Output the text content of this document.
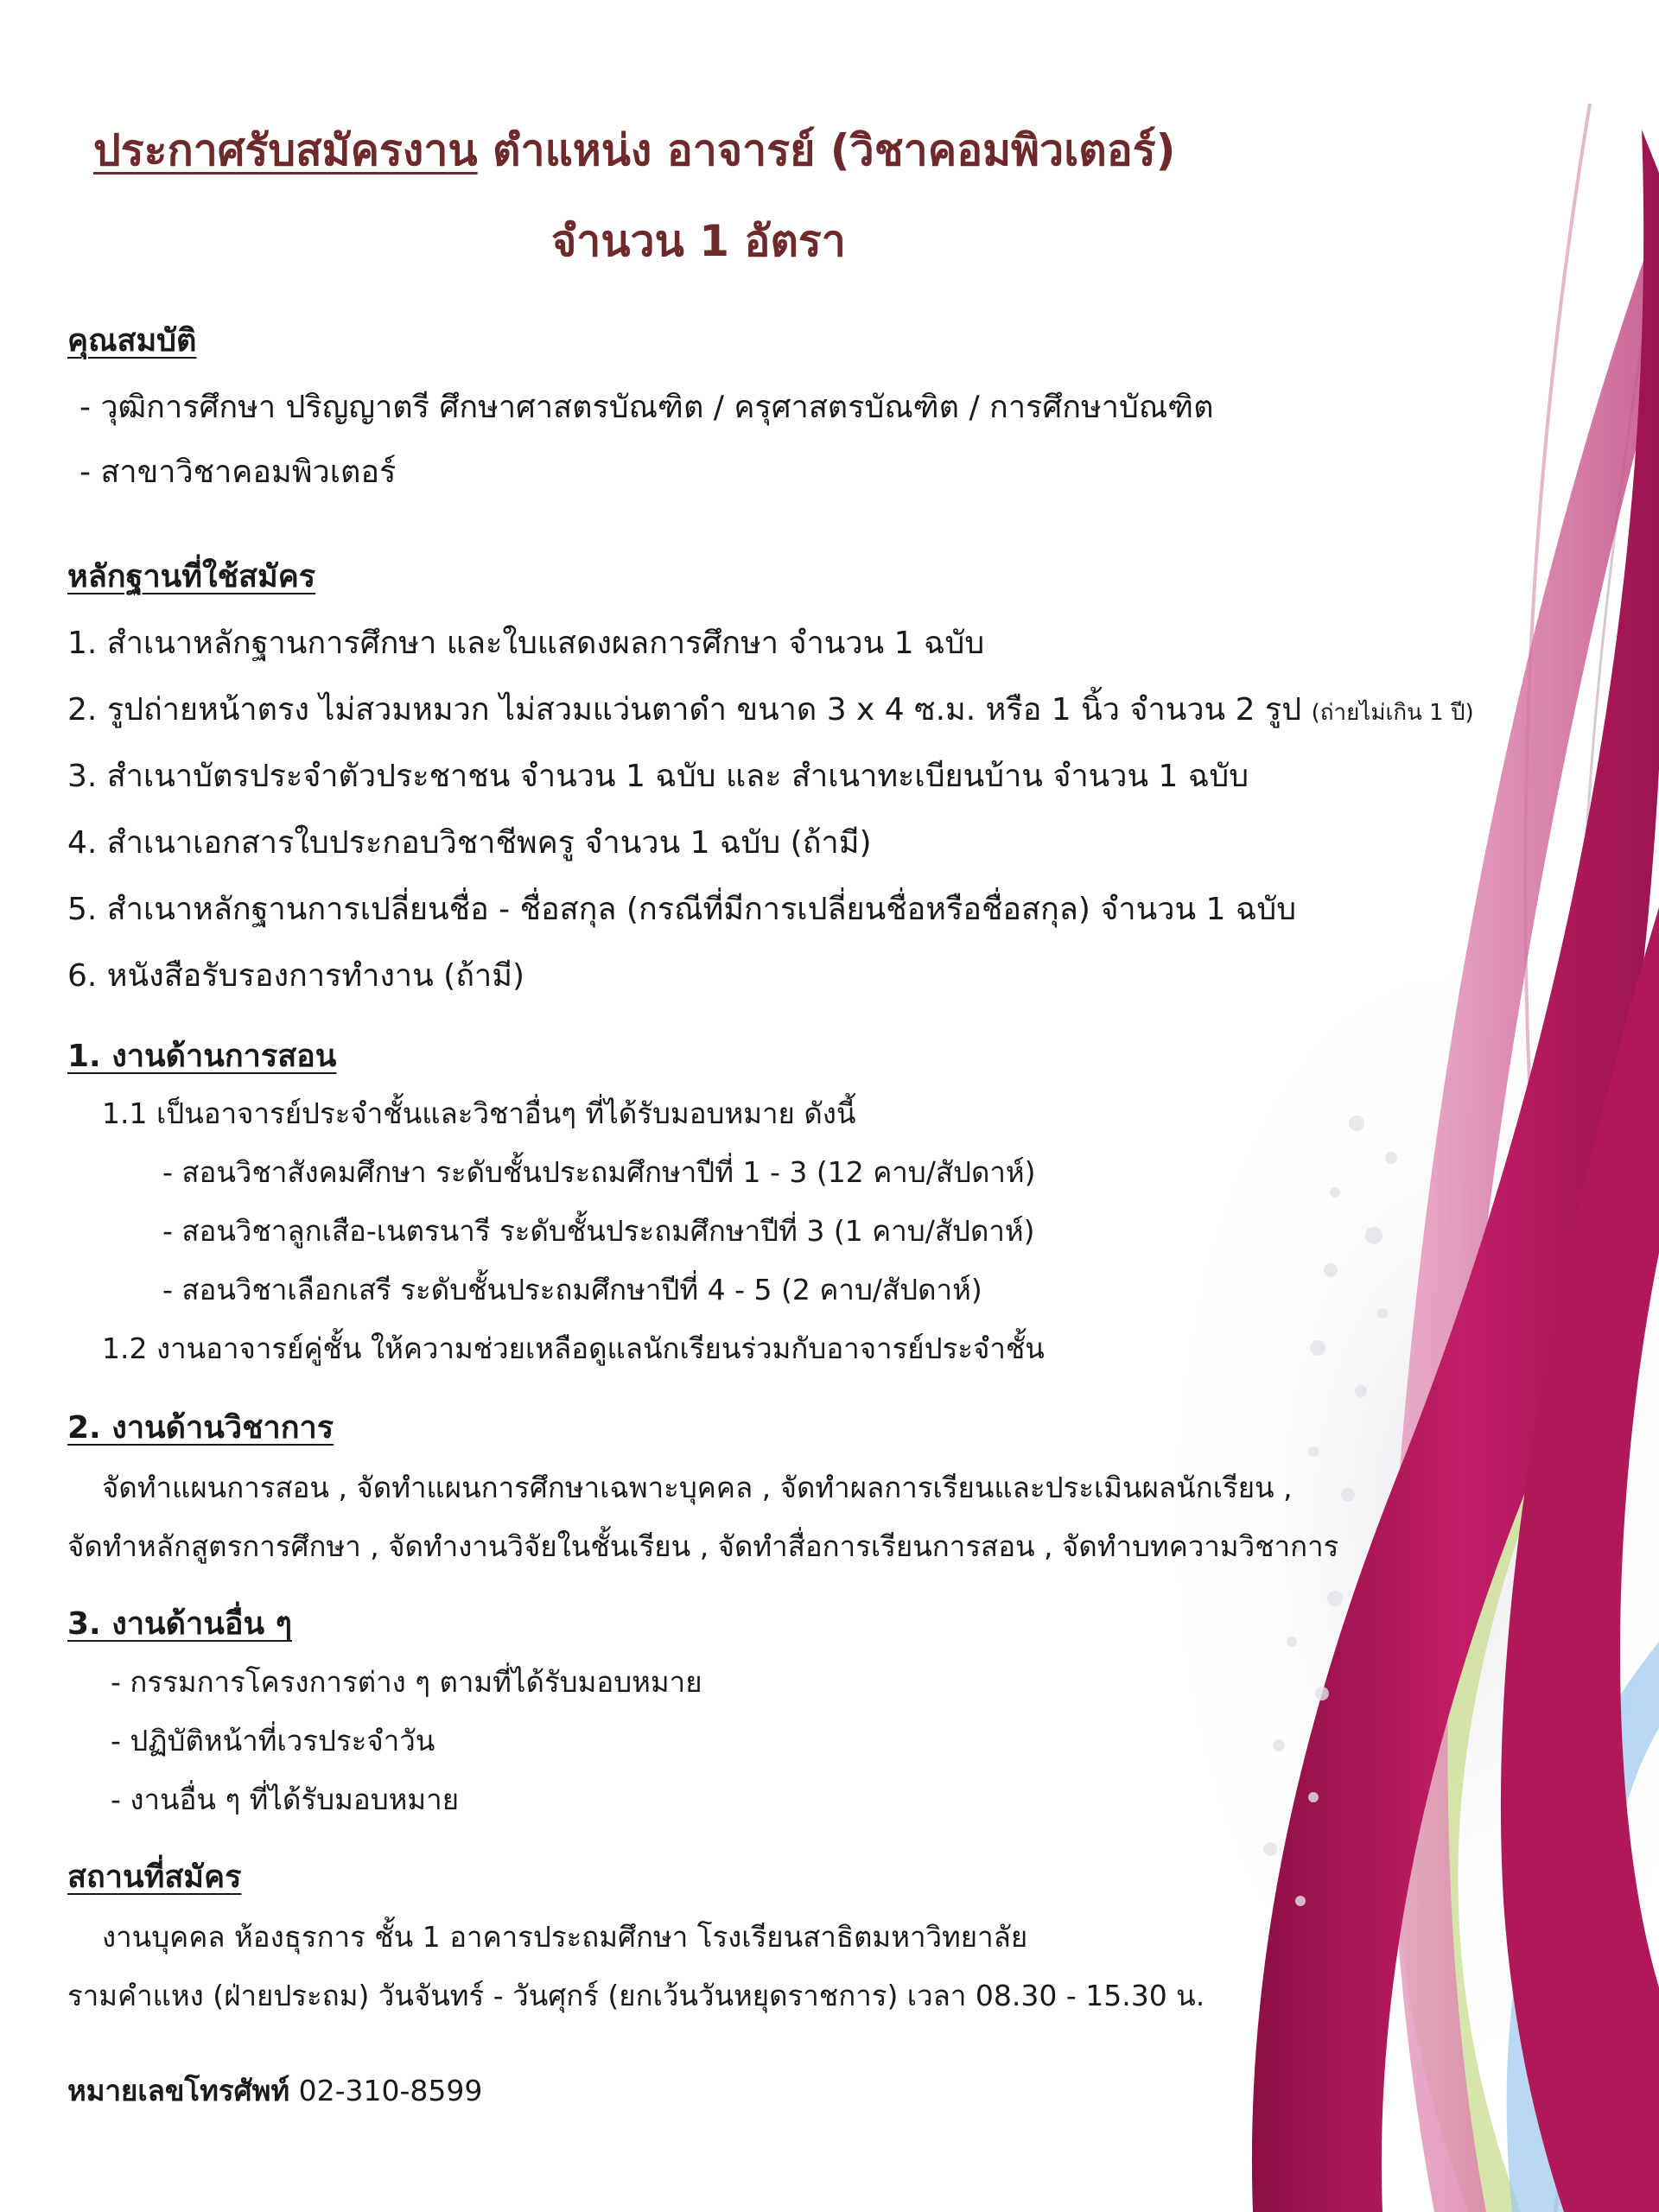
ประกาศรับสมัครงาน ตำแหน่ง อาจารย์ (วิชาคอมพิวเตอร์)
จำนวน 1 อัตรา
คุณสมบัติ
- วุฒิการศึกษา ปริญญาตรี ศึกษาศาสตรบัณฑิต / ครุศาสตรบัณฑิต / การศึกษาบัณฑิต
- สาขาวิชาคอมพิวเตอร์
หลักฐานที่ใช้สมัคร
1. สำเนาหลักฐานการศึกษา และใบแสดงผลการศึกษา จำนวน 1 ฉบับ
2. รูปถ่ายหน้าตรง ไม่สวมหมวก ไม่สวมแว่นตาดำ ขนาด 3 x 4 ซ.ม. หรือ 1 นิ้ว จำนวน 2 รูป (ถ่ายไม่เกิน 1 ปี)
3. สำเนาบัตรประจำตัวประชาชน จำนวน 1 ฉบับ และ สำเนาทะเบียนบ้าน จำนวน 1 ฉบับ
4. สำเนาเอกสารใบประกอบวิชาชีพครู จำนวน 1 ฉบับ (ถ้ามี)
5. สำเนาหลักฐานการเปลี่ยนชื่อ - ชื่อสกุล (กรณีที่มีการเปลี่ยนชื่อหรือชื่อสกุล) จำนวน 1 ฉบับ
6. หนังสือรับรองการทำงาน (ถ้ามี)
1. งานด้านการสอน
1.1 เป็นอาจารย์ประจำชั้นและวิชาอื่นๆ ที่ได้รับมอบหมาย ดังนี้
- สอนวิชาสังคมศึกษา ระดับชั้นประถมศึกษาปีที่ 1 - 3 (12 คาบ/สัปดาห์)
- สอนวิชาลูกเสือ-เนตรนารี ระดับชั้นประถมศึกษาปีที่ 3 (1 คาบ/สัปดาห์)
- สอนวิชาเลือกเสรี ระดับชั้นประถมศึกษาปีที่ 4 - 5 (2 คาบ/สัปดาห์)
1.2 งานอาจารย์คู่ชั้น ให้ความช่วยเหลือดูแลนักเรียนร่วมกับอาจารย์ประจำชั้น
2. งานด้านวิชาการ
จัดทำแผนการสอน , จัดทำแผนการศึกษาเฉพาะบุคคล , จัดทำผลการเรียนและประเมินผลนักเรียน ,
จัดทำหลักสูตรการศึกษา , จัดทำงานวิจัยในชั้นเรียน , จัดทำสื่อการเรียนการสอน , จัดทำบทความวิชาการ
3. งานด้านอื่น ๆ
- กรรมการโครงการต่าง ๆ ตามที่ได้รับมอบหมาย
- ปฏิบัติหน้าที่เวรประจำวัน
- งานอื่น ๆ ที่ได้รับมอบหมาย
สถานที่สมัคร
งานบุคคล ห้องธุรการ ชั้น 1 อาคารประถมศึกษา โรงเรียนสาธิตมหาวิทยาลัย
รามคำแหง (ฝ่ายประถม) วันจันทร์ - วันศุกร์ (ยกเว้นวันหยุดราชการ) เวลา 08.30 - 15.30 น.
หมายเลขโทรศัพท์ 02-310-8599
